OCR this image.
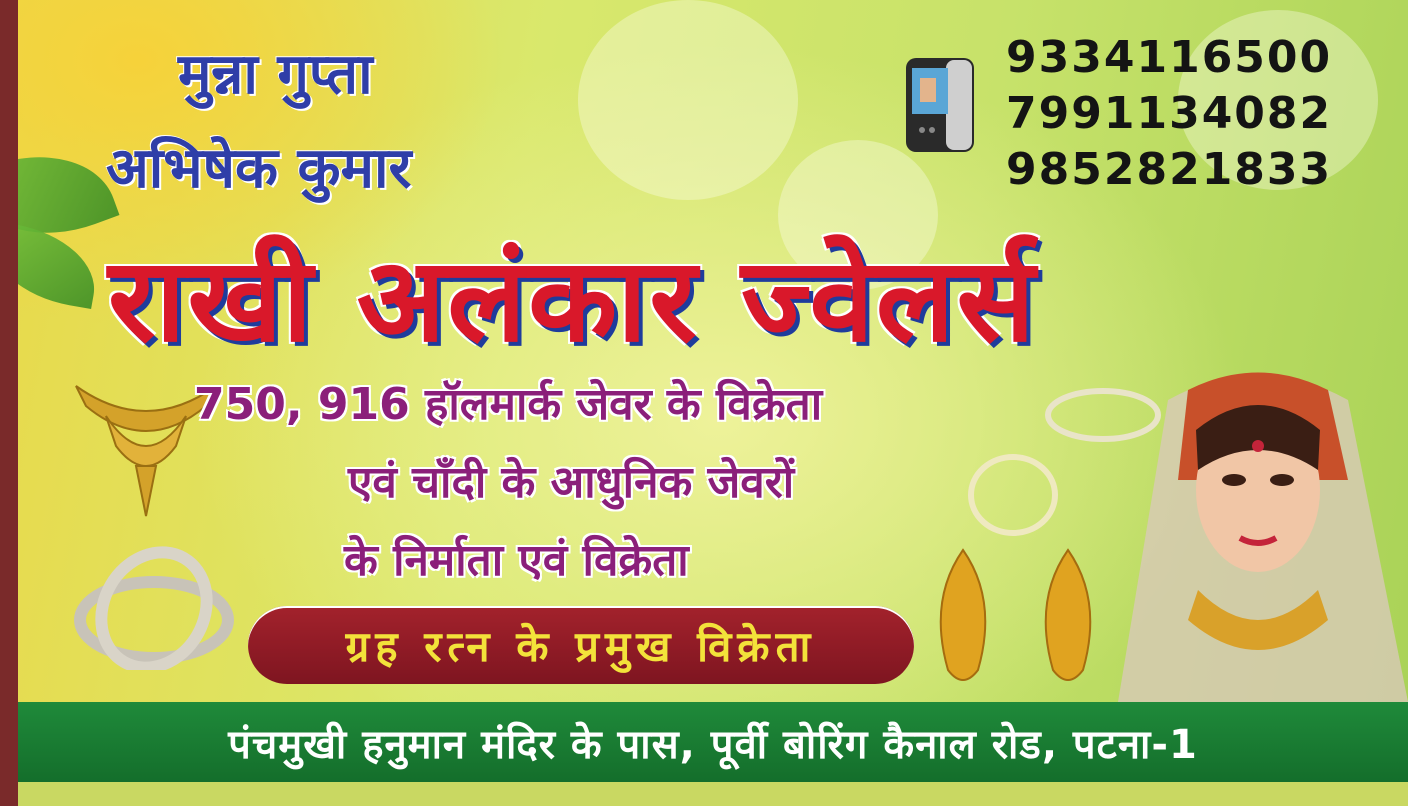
मुन्ना गुप्ता
अभिषेक कुमार
9334116500
7991134082
9852821833
राखी अलंकार ज्वेलर्स
750, 916 हॉलमार्क जेवर के विक्रेता
एवं चाँदी के आधुनिक जेवरों
के निर्माता एवं विक्रेता
ग्रह रत्न के प्रमुख विक्रेता
पंचमुखी हनुमान मंदिर के पास, पूर्वी बोरिंग कैनाल रोड, पटना-1
